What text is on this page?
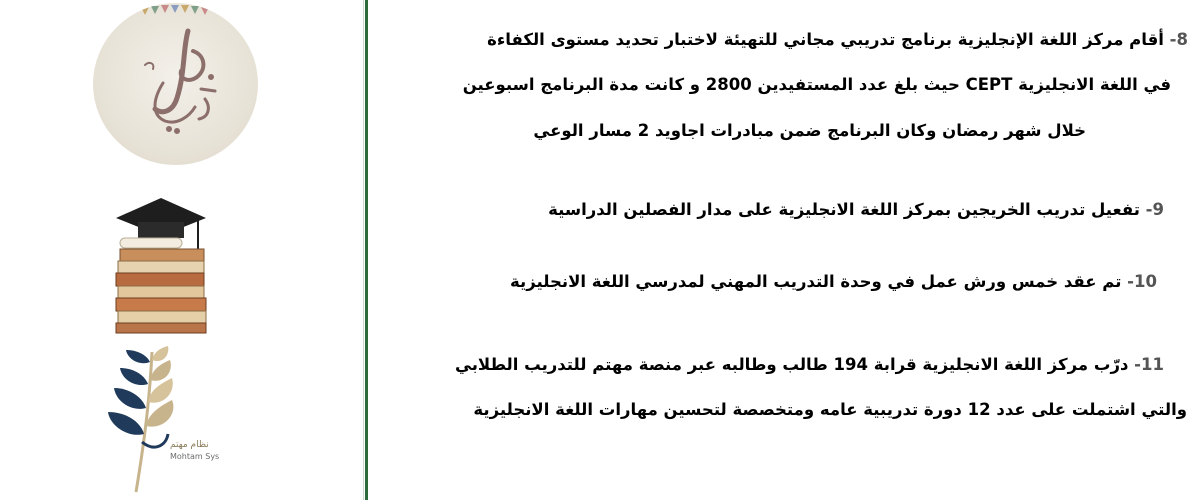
نظام مهتم
Mohtam Sys
8- أقام مركز اللغة الإنجليزية برنامج تدريبي مجاني للتهيئة لاختبار تحديد مستوى الكفاءة
في اللغة الانجليزية CEPT حيث بلغ عدد المستفيدين 2800 و كانت مدة البرنامج اسبوعين
خلال شهر رمضان وكان البرنامج ضمن مبادرات اجاويد 2 مسار الوعي
9- تفعيل تدريب الخريجين بمركز اللغة الانجليزية على مدار الفصلين الدراسية
10- تم عقد خمس ورش عمل في وحدة التدريب المهني لمدرسي اللغة الانجليزية
11- درّب مركز اللغة الانجليزية قرابة 194 طالب وطالبه عبر منصة مهتم للتدريب الطلابي
والتي اشتملت على عدد 12 دورة تدريبية عامه ومتخصصة لتحسين مهارات اللغة الانجليزية
